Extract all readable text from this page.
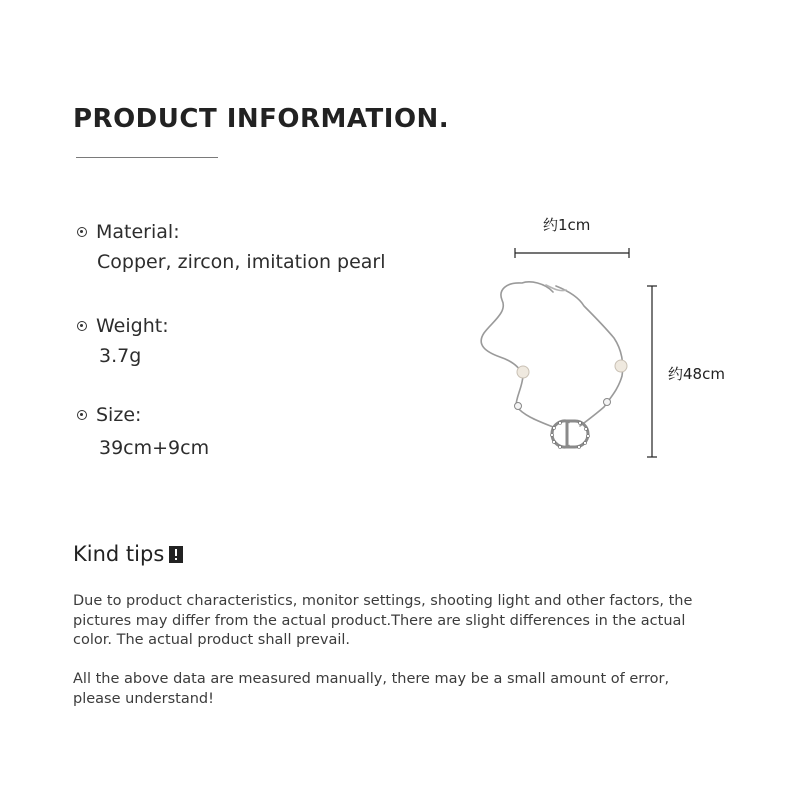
PRODUCT INFORMATION.
Material:
Copper, zircon, imitation pearl
Weight:
3.7g
Size:
39cm+9cm
约1cm
约48cm
Kind tips
Due to product characteristics, monitor settings, shooting light and other factors, the pictures may differ from the actual product.There are slight differences in the actual color. The actual product shall prevail.
All the above data are measured manually, there may be a small amount of error, please understand!
